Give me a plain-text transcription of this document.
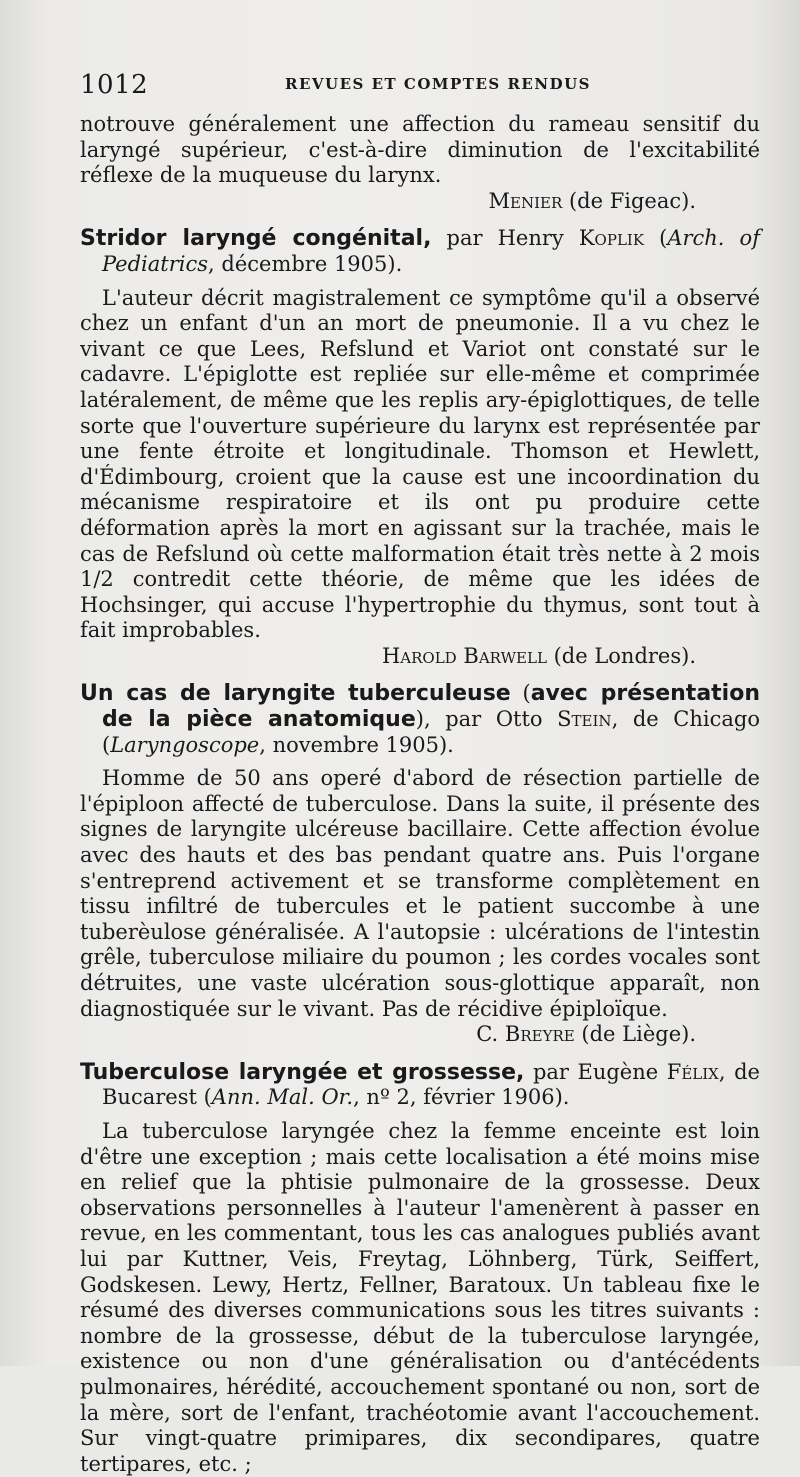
1012	REVUES ET COMPTES RENDUS

notrouve généralement une affection du rameau sensitif du laryngé supérieur, c'est-à-dire diminution de l'excitabilité réflexe de la muqueuse du larynx.

Menier (de Figeac).

Stridor laryngé congénital, par Henry Koplik (Arch. of Pediatrics, décembre 1905).

L'auteur décrit magistralement ce symptôme qu'il a observé chez un enfant d'un an mort de pneumonie. Il a vu chez le vivant ce que Lees, Refslund et Variot ont constaté sur le cadavre. L'épiglotte est repliée sur elle-même et comprimée latéralement, de même que les replis ary-épiglottiques, de telle sorte que l'ouverture supérieure du larynx est représentée par une fente étroite et longitudinale. Thomson et Hewlett, d'Édimbourg, croient que la cause est une incoordination du mécanisme respiratoire et ils ont pu produire cette déformation après la mort en agissant sur la trachée, mais le cas de Refslund où cette malformation était très nette à 2 mois 1/2 contredit cette théorie, de même que les idées de Hochsinger, qui accuse l'hypertrophie du thymus, sont tout à fait improbables.

Harold Barwell (de Londres).

Un cas de laryngite tuberculeuse (avec présentation de la pièce anatomique), par Otto Stein, de Chicago (Laryngoscope, novembre 1905).

Homme de 50 ans operé d'abord de résection partielle de l'épiploon affecté de tuberculose. Dans la suite, il présente des signes de laryngite ulcéreuse bacillaire. Cette affection évolue avec des hauts et des bas pendant quatre ans. Puis l'organe s'entreprend activement et se transforme complètement en tissu infiltré de tubercules et le patient succombe à une tuberèulose généralisée. A l'autopsie : ulcérations de l'intestin grêle, tuberculose miliaire du poumon ; les cordes vocales sont détruites, une vaste ulcération sous-glottique apparaît, non diagnostiquée sur le vivant. Pas de récidive épiploïque.

C. Breyre (de Liège).

Tuberculose laryngée et grossesse, par Eugène Félix, de Bucarest (Ann. Mal. Or., nº 2, février 1906).

La tuberculose laryngée chez la femme enceinte est loin d'être une exception ; mais cette localisation a été moins mise en relief que la phtisie pulmonaire de la grossesse. Deux observations personnelles à l'auteur l'amenèrent à passer en revue, en les commentant, tous les cas analogues publiés avant lui par Kuttner, Veis, Freytag, Löhnberg, Türk, Seiffert, Godskesen. Lewy, Hertz, Fellner, Baratoux. Un tableau fixe le résumé des diverses communications sous les titres suivants : nombre de la grossesse, début de la tuberculose laryngée, existence ou non d'une généralisation ou d'antécédents pulmonaires, hérédité, accouchement spontané ou non, sort de la mère, sort de l'enfant, trachéotomie avant l'accouchement. Sur vingt-quatre primipares, dix secondipares, quatre tertipares, etc. ;
